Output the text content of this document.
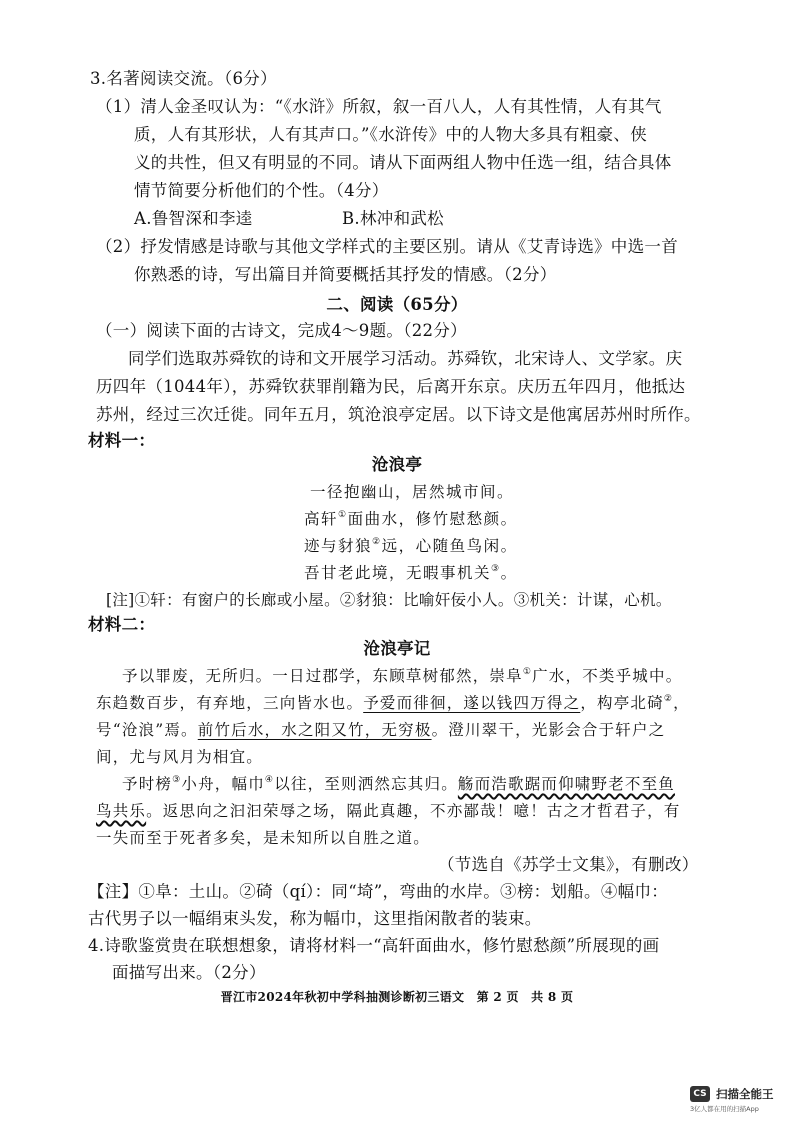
3.名著阅读交流。（6分）
（1）清人金圣叹认为：“《水浒》所叙，叙一百八人，人有其性情，人有其气
质，人有其形状，人有其声口。”《水浒传》中的人物大多具有粗豪、侠
义的共性，但又有明显的不同。请从下面两组人物中任选一组，结合具体
情节简要分析他们的个性。（4分）
A.鲁智深和李逵	B.林冲和武松
（2）抒发情感是诗歌与其他文学样式的主要区别。请从《艾青诗选》中选一首
你熟悉的诗，写出篇目并简要概括其抒发的情感。（2分）
二、阅读（65分）
（一）阅读下面的古诗文，完成4～9题。（22分）
同学们选取苏舜钦的诗和文开展学习活动。苏舜钦，北宋诗人、文学家。庆
历四年（1044年），苏舜钦获罪削籍为民，后离开东京。庆历五年四月，他抵达
苏州，经过三次迁徙。同年五月，筑沧浪亭定居。以下诗文是他寓居苏州时所作。
材料一：
沧浪亭
一径抱幽山，居然城市间。
高轩①面曲水，修竹慰愁颜。
迹与豺狼②远，心随鱼鸟闲。
吾甘老此境，无暇事机关③。
[注]①轩：有窗户的长廊或小屋。②豺狼：比喻奸佞小人。③机关：计谋，心机。
材料二：
沧浪亭记
予以罪废，无所归。一日过郡学，东顾草树郁然，崇阜①广水，不类乎城中。
东趋数百步，有弃地，三向皆水也。予爱而徘徊，遂以钱四万得之，构亭北碕②，
号“沧浪”焉。前竹后水，水之阳又竹，无穷极。澄川翠干，光影会合于轩户之
间，尤与风月为相宜。
予时榜③小舟，幅巾④以往，至则洒然忘其归。觞而浩歌踞而仰啸野老不至鱼
鸟共乐。返思向之汩汩荣辱之场，隔此真趣，不亦鄙哉！噫！古之才哲君子，有
一失而至于死者多矣，是未知所以自胜之道。
（节选自《苏学士文集》，有删改）
【注】①阜：土山。②碕（qí）：同“埼”，弯曲的水岸。③榜：划船。④幅巾：
古代男子以一幅绢束头发，称为幅巾，这里指闲散者的装束。
4.诗歌鉴赏贵在联想想象，请将材料一“高轩面曲水，修竹慰愁颜”所展现的画
面描写出来。（2分）
晋江市2024年秋初中学科抽测诊断初三语文　第 2 页　共 8 页
CS 扫描全能王
3亿人都在用的扫描App
